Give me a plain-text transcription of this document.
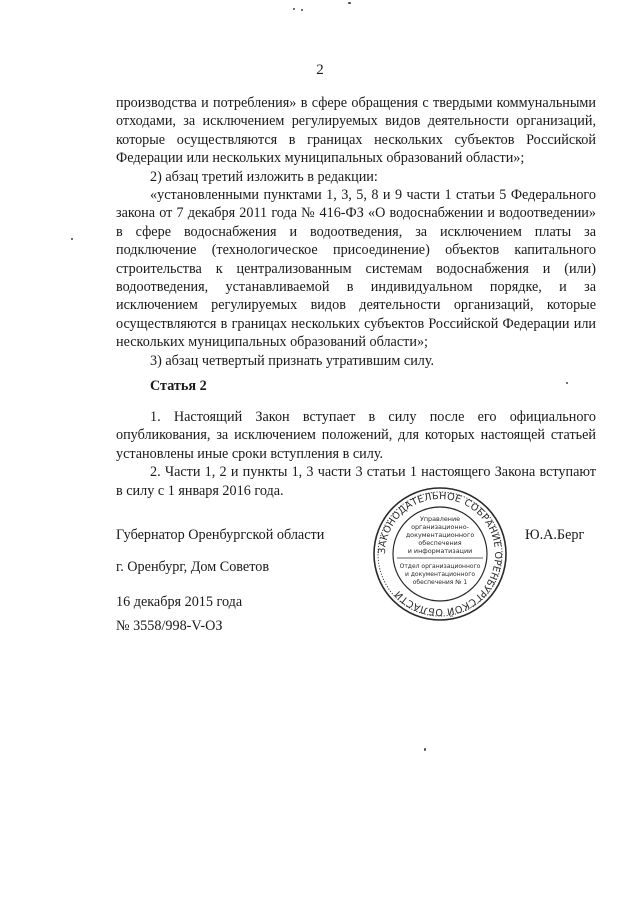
2

производства и потребления» в сфере обращения с твердыми коммунальными отходами, за исключением регулируемых видов деятельности организаций, которые осуществляются в границах нескольких субъектов Российской Федерации или нескольких муниципальных образований области»;

2) абзац третий изложить в редакции:

«установленными пунктами 1, 3, 5, 8 и 9 части 1 статьи 5 Федерального закона от 7 декабря 2011 года № 416-ФЗ «О водоснабжении и водоотведении» в сфере водоснабжения и водоотведения, за исключением платы за подключение (технологическое присоединение) объектов капитального строительства к централизованным системам водоснабжения и (или) водоотведения, устанавливаемой в индивидуальном порядке, и за исключением регулируемых видов деятельности организаций, которые осуществляются в границах нескольких субъектов Российской Федерации или нескольких муниципальных образований области»;

3) абзац четвертый признать утратившим силу.

Статья 2

1. Настоящий Закон вступает в силу после его официального опубликования, за исключением положений, для которых настоящей статьей установлены иные сроки вступления в силу.

2. Части 1, 2 и пункты 1, 3 части 3 статьи 1 настоящего Закона вступают в силу с 1 января 2016 года.

Губернатор Оренбургской области	Ю.А.Берг
г. Оренбург, Дом Советов
16 декабря 2015 года
№ 3558/998-V-ОЗ
ЗАКОНОДАТЕЛЬНОЕ СОБРАНИЕ ОРЕНБУРГСКОЙ ОБЛАСТИ
Управление
организационно-
документационного
обеспечения
и информатизации
Отдел организационного
и документационного
обеспечения № 1
